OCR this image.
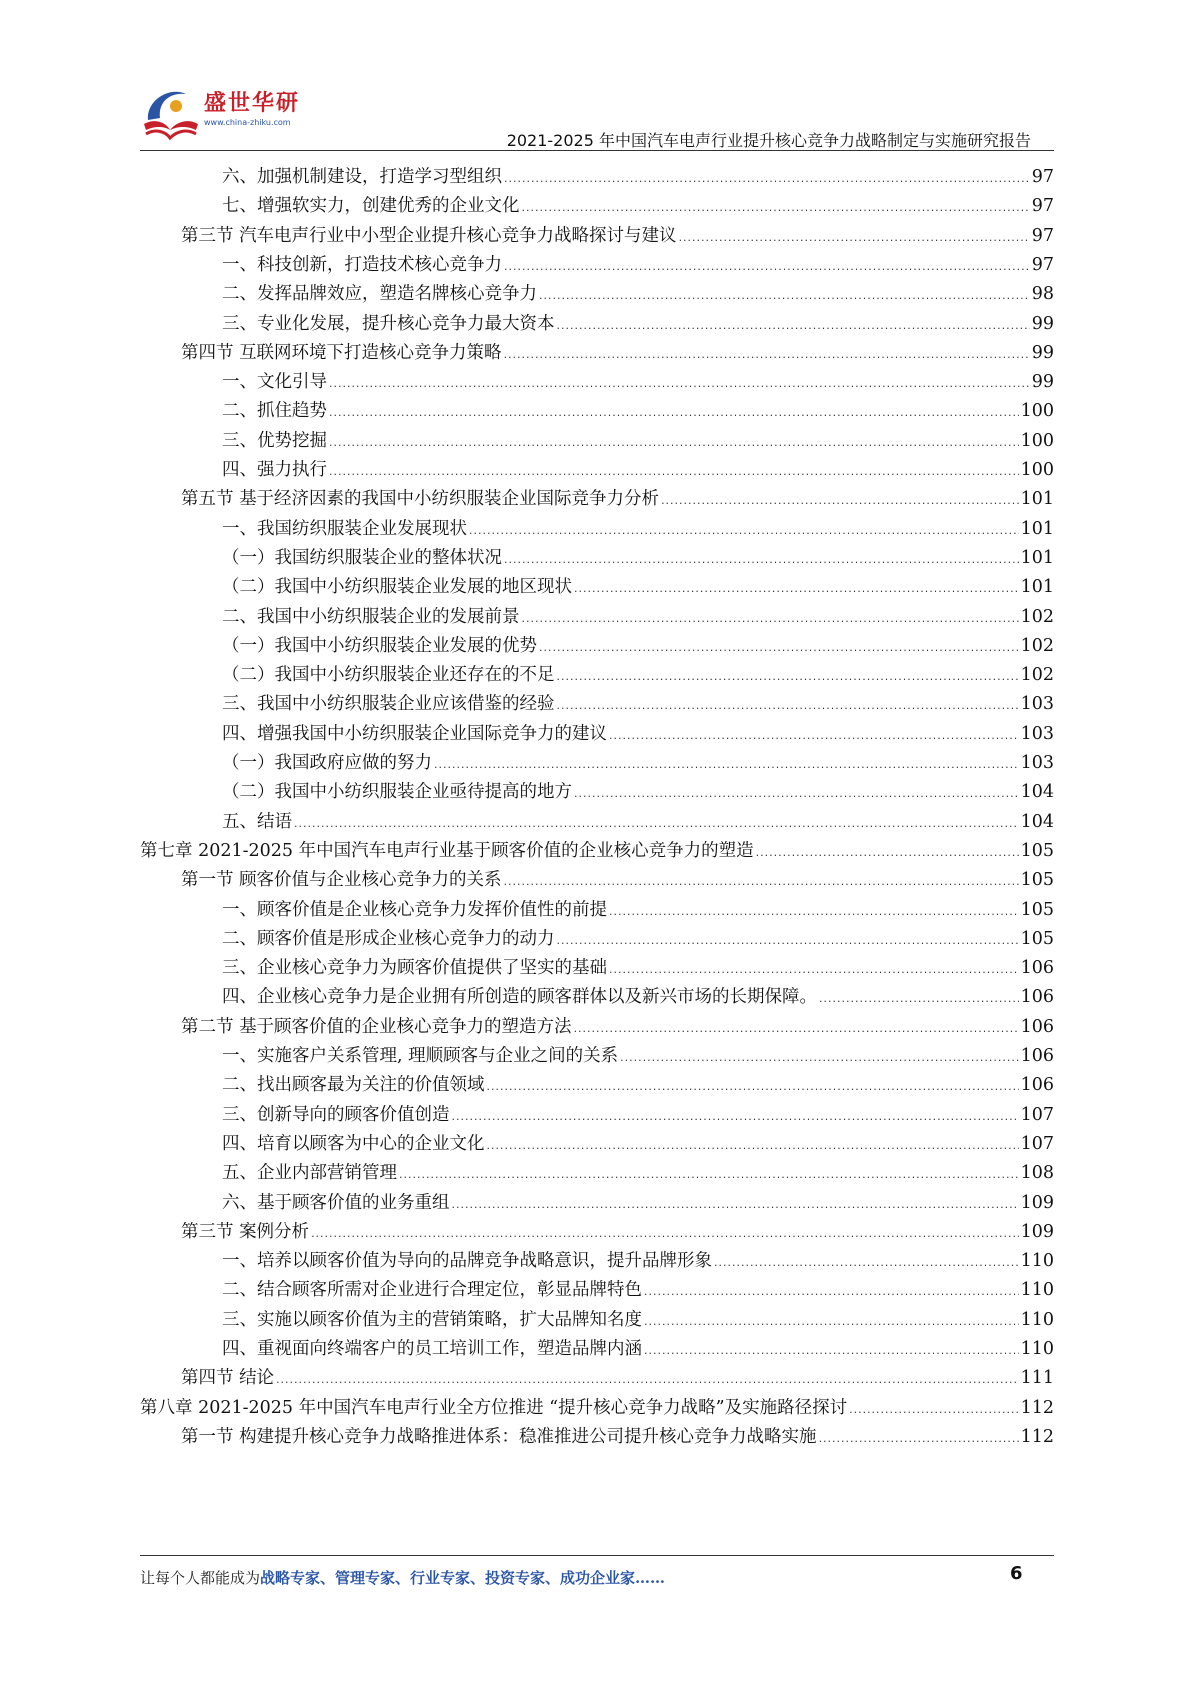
盛世华研
www.china-zhiku.com
2021-2025 年中国汽车电声行业提升核心竞争力战略制定与实施研究报告
六、加强机制建设，打造学习型组织 .....	97
七、增强软实力，创建优秀的企业文化 .....	97
第三节 汽车电声行业中小型企业提升核心竞争力战略探讨与建议 .....	97
一、科技创新，打造技术核心竞争力 .....	97
二、发挥品牌效应，塑造名牌核心竞争力 .....	98
三、专业化发展，提升核心竞争力最大资本 .....	99
第四节 互联网环境下打造核心竞争力策略 .....	99
一、文化引导 .....	99
二、抓住趋势 .....	100
三、优势挖掘 .....	100
四、强力执行 .....	100
第五节 基于经济因素的我国中小纺织服装企业国际竞争力分析 .....	101
一、我国纺织服装企业发展现状 .....	101
（一）我国纺织服装企业的整体状况 .....	101
（二）我国中小纺织服装企业发展的地区现状 .....	101
二、我国中小纺织服装企业的发展前景 .....	102
（一）我国中小纺织服装企业发展的优势 .....	102
（二）我国中小纺织服装企业还存在的不足 .....	102
三、我国中小纺织服装企业应该借鉴的经验 .....	103
四、增强我国中小纺织服装企业国际竞争力的建议 .....	103
（一）我国政府应做的努力 .....	103
（二）我国中小纺织服装企业亟待提高的地方 .....	104
五、结语 .....	104
第七章 2021-2025 年中国汽车电声行业基于顾客价值的企业核心竞争力的塑造 .....	105
第一节 顾客价值与企业核心竞争力的关系 .....	105
一、顾客价值是企业核心竞争力发挥价值性的前提 .....	105
二、顾客价值是形成企业核心竞争力的动力 .....	105
三、企业核心竞争力为顾客价值提供了坚实的基础 .....	106
四、企业核心竞争力是企业拥有所创造的顾客群体以及新兴市场的长期保障。 .....	106
第二节 基于顾客价值的企业核心竞争力的塑造方法 .....	106
一、实施客户关系管理, 理顺顾客与企业之间的关系 .....	106
二、找出顾客最为关注的价值领域 .....	106
三、创新导向的顾客价值创造 .....	107
四、培育以顾客为中心的企业文化 .....	107
五、企业内部营销管理 .....	108
六、基于顾客价值的业务重组 .....	109
第三节 案例分析 .....	109
一、培养以顾客价值为导向的品牌竞争战略意识，提升品牌形象 .....	110
二、结合顾客所需对企业进行合理定位，彰显品牌特色 .....	110
三、实施以顾客价值为主的营销策略，扩大品牌知名度 .....	110
四、重视面向终端客户的员工培训工作，塑造品牌内涵 .....	110
第四节 结论 .....	111
第八章 2021-2025 年中国汽车电声行业全方位推进 “提升核心竞争力战略”及实施路径探讨 .....	112
第一节 构建提升核心竞争力战略推进体系：稳准推进公司提升核心竞争力战略实施 .....	112
让每个人都能成为战略专家、管理专家、行业专家、投资专家、成功企业家……	6
